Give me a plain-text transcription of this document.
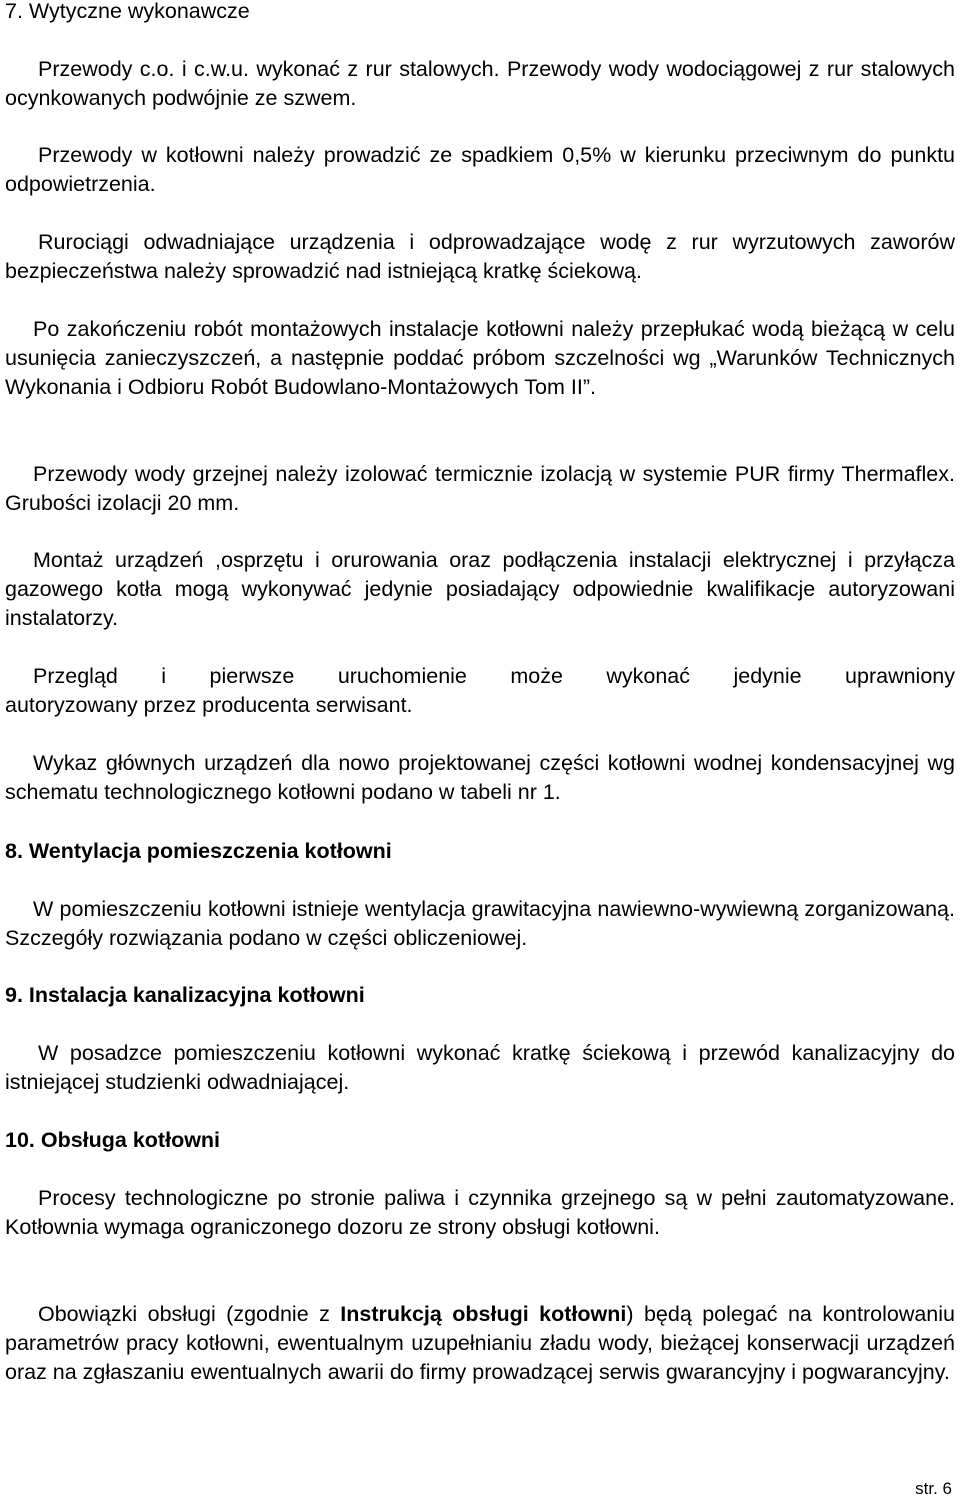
7. Wytyczne wykonawcze
Przewody c.o. i c.w.u. wykonać z rur stalowych. Przewody wody wodociągowej z rur stalowych ocynkowanych podwójnie ze szwem.
Przewody w kotłowni należy prowadzić ze spadkiem 0,5% w kierunku przeciwnym do punktu odpowietrzenia.
Rurociągi odwadniające urządzenia i odprowadzające wodę z rur wyrzutowych zaworów bezpieczeństwa należy sprowadzić nad istniejącą kratkę ściekową.
Po zakończeniu robót montażowych instalacje kotłowni należy przepłukać wodą bieżącą w celu usunięcia zanieczyszczeń, a następnie poddać próbom szczelności wg „Warunków Technicznych Wykonania i Odbioru Robót Budowlano-Montażowych Tom II”.
Przewody wody grzejnej należy izolować termicznie izolacją w systemie PUR firmy Thermaflex. Grubości izolacji 20 mm.
Montaż urządzeń ,osprzętu i orurowania oraz podłączenia instalacji elektrycznej i przyłącza gazowego kotła mogą wykonywać jedynie posiadający odpowiednie kwalifikacje autoryzowani instalatorzy.
Przegląd i pierwsze uruchomienie może wykonać jedynie uprawniony
autoryzowany przez producenta serwisant.
Wykaz głównych urządzeń dla nowo projektowanej części kotłowni wodnej kondensacyjnej wg schematu technologicznego kotłowni podano w tabeli nr 1.
8. Wentylacja pomieszczenia kotłowni
W pomieszczeniu kotłowni istnieje wentylacja grawitacyjna nawiewno-wywiewną zorganizowaną. Szczegóły rozwiązania podano w części obliczeniowej.
9. Instalacja kanalizacyjna kotłowni
W posadzce pomieszczeniu kotłowni wykonać kratkę ściekową i przewód kanalizacyjny do istniejącej studzienki odwadniającej.
10. Obsługa kotłowni
Procesy technologiczne po stronie paliwa i czynnika grzejnego są w pełni zautomatyzowane. Kotłownia wymaga ograniczonego dozoru ze strony obsługi kotłowni.
Obowiązki obsługi (zgodnie z Instrukcją obsługi kotłowni) będą polegać na kontrolowaniu parametrów pracy kotłowni, ewentualnym uzupełnianiu zładu wody, bieżącej konserwacji urządzeń oraz na zgłaszaniu ewentualnych awarii do firmy prowadzącej serwis gwarancyjny i pogwarancyjny.
str. 6
